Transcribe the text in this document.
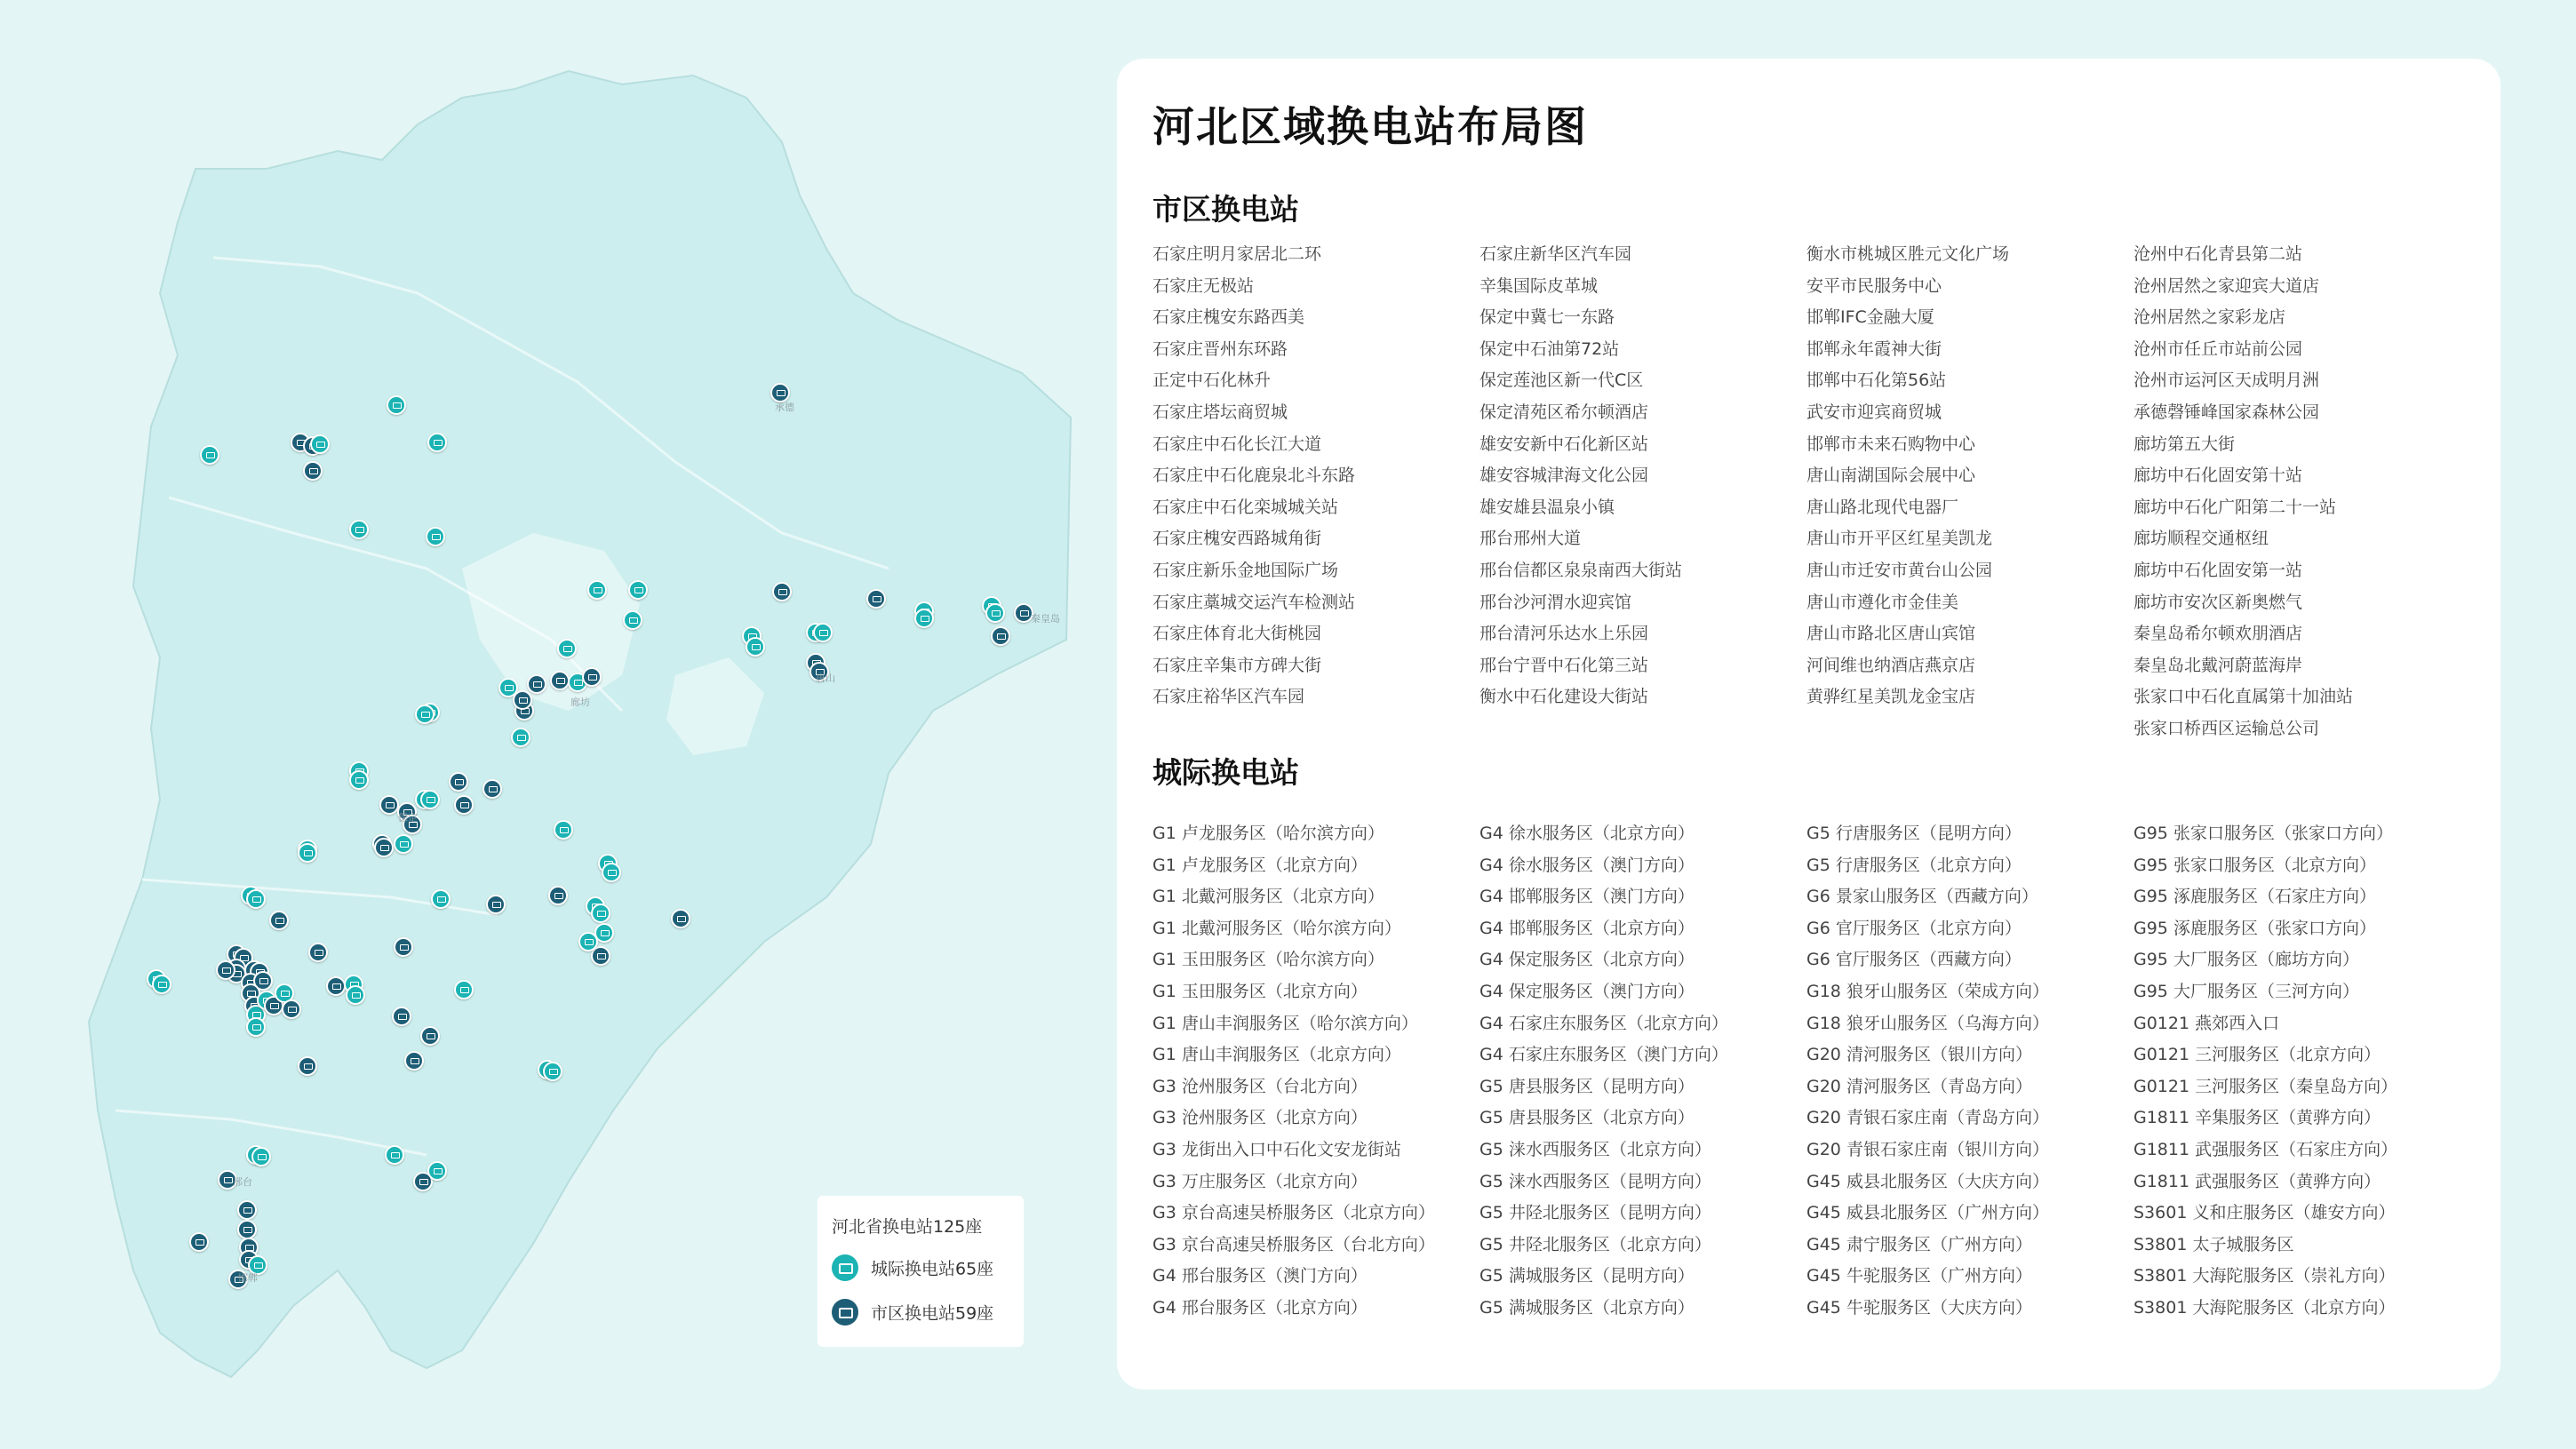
承德
秦皇岛
唐山
廊坊
保定
邢台
邯郸
河北省换电站125座
城际换电站65座
市区换电站59座
河北区域换电站布局图
市区换电站
石家庄明月家居北二环
石家庄无极站
石家庄槐安东路西美
石家庄晋州东环路
正定中石化林升
石家庄塔坛商贸城
石家庄中石化长江大道
石家庄中石化鹿泉北斗东路
石家庄中石化栾城城关站
石家庄槐安西路城角街
石家庄新乐金地国际广场
石家庄藁城交运汽车检测站
石家庄体育北大街桃园
石家庄辛集市方碑大街
石家庄裕华区汽车园
石家庄新华区汽车园
辛集国际皮革城
保定中冀七一东路
保定中石油第72站
保定莲池区新一代C区
保定清苑区希尔顿酒店
雄安安新中石化新区站
雄安容城津海文化公园
雄安雄县温泉小镇
邢台邢州大道
邢台信都区泉泉南西大街站
邢台沙河渭水迎宾馆
邢台清河乐达水上乐园
邢台宁晋中石化第三站
衡水中石化建设大街站
衡水市桃城区胜元文化广场
安平市民服务中心
邯郸IFC金融大厦
邯郸永年霞神大街
邯郸中石化第56站
武安市迎宾商贸城
邯郸市未来石购物中心
唐山南湖国际会展中心
唐山路北现代电器厂
唐山市开平区红星美凯龙
唐山市迁安市黄台山公园
唐山市遵化市金佳美
唐山市路北区唐山宾馆
河间维也纳酒店燕京店
黄骅红星美凯龙金宝店
沧州中石化青县第二站
沧州居然之家迎宾大道店
沧州居然之家彩龙店
沧州市任丘市站前公园
沧州市运河区天成明月洲
承德磬锤峰国家森林公园
廊坊第五大街
廊坊中石化固安第十站
廊坊中石化广阳第二十一站
廊坊顺程交通枢纽
廊坊中石化固安第一站
廊坊市安次区新奥燃气
秦皇岛希尔顿欢朋酒店
秦皇岛北戴河蔚蓝海岸
张家口中石化直属第十加油站
张家口桥西区运输总公司
城际换电站
G1 卢龙服务区（哈尔滨方向）
G1 卢龙服务区（北京方向）
G1 北戴河服务区（北京方向）
G1 北戴河服务区（哈尔滨方向）
G1 玉田服务区（哈尔滨方向）
G1 玉田服务区（北京方向）
G1 唐山丰润服务区（哈尔滨方向）
G1 唐山丰润服务区（北京方向）
G3 沧州服务区（台北方向）
G3 沧州服务区（北京方向）
G3 龙街出入口中石化文安龙街站
G3 万庄服务区（北京方向）
G3 京台高速吴桥服务区（北京方向）
G3 京台高速吴桥服务区（台北方向）
G4 邢台服务区（澳门方向）
G4 邢台服务区（北京方向）
G4 徐水服务区（北京方向）
G4 徐水服务区（澳门方向）
G4 邯郸服务区（澳门方向）
G4 邯郸服务区（北京方向）
G4 保定服务区（北京方向）
G4 保定服务区（澳门方向）
G4 石家庄东服务区（北京方向）
G4 石家庄东服务区（澳门方向）
G5 唐县服务区（昆明方向）
G5 唐县服务区（北京方向）
G5 涞水西服务区（北京方向）
G5 涞水西服务区（昆明方向）
G5 井陉北服务区（昆明方向）
G5 井陉北服务区（北京方向）
G5 满城服务区（昆明方向）
G5 满城服务区（北京方向）
G5 行唐服务区（昆明方向）
G5 行唐服务区（北京方向）
G6 景家山服务区（西藏方向）
G6 官厅服务区（北京方向）
G6 官厅服务区（西藏方向）
G18 狼牙山服务区（荣成方向）
G18 狼牙山服务区（乌海方向）
G20 清河服务区（银川方向）
G20 清河服务区（青岛方向）
G20 青银石家庄南（青岛方向）
G20 青银石家庄南（银川方向）
G45 威县北服务区（大庆方向）
G45 威县北服务区（广州方向）
G45 肃宁服务区（广州方向）
G45 牛驼服务区（广州方向）
G45 牛驼服务区（大庆方向）
G95 张家口服务区（张家口方向）
G95 张家口服务区（北京方向）
G95 涿鹿服务区（石家庄方向）
G95 涿鹿服务区（张家口方向）
G95 大厂服务区（廊坊方向）
G95 大厂服务区（三河方向）
G0121 燕郊西入口
G0121 三河服务区（北京方向）
G0121 三河服务区（秦皇岛方向）
G1811 辛集服务区（黄骅方向）
G1811 武强服务区（石家庄方向）
G1811 武强服务区（黄骅方向）
S3601 义和庄服务区（雄安方向）
S3801 太子城服务区
S3801 大海陀服务区（崇礼方向）
S3801 大海陀服务区（北京方向）
